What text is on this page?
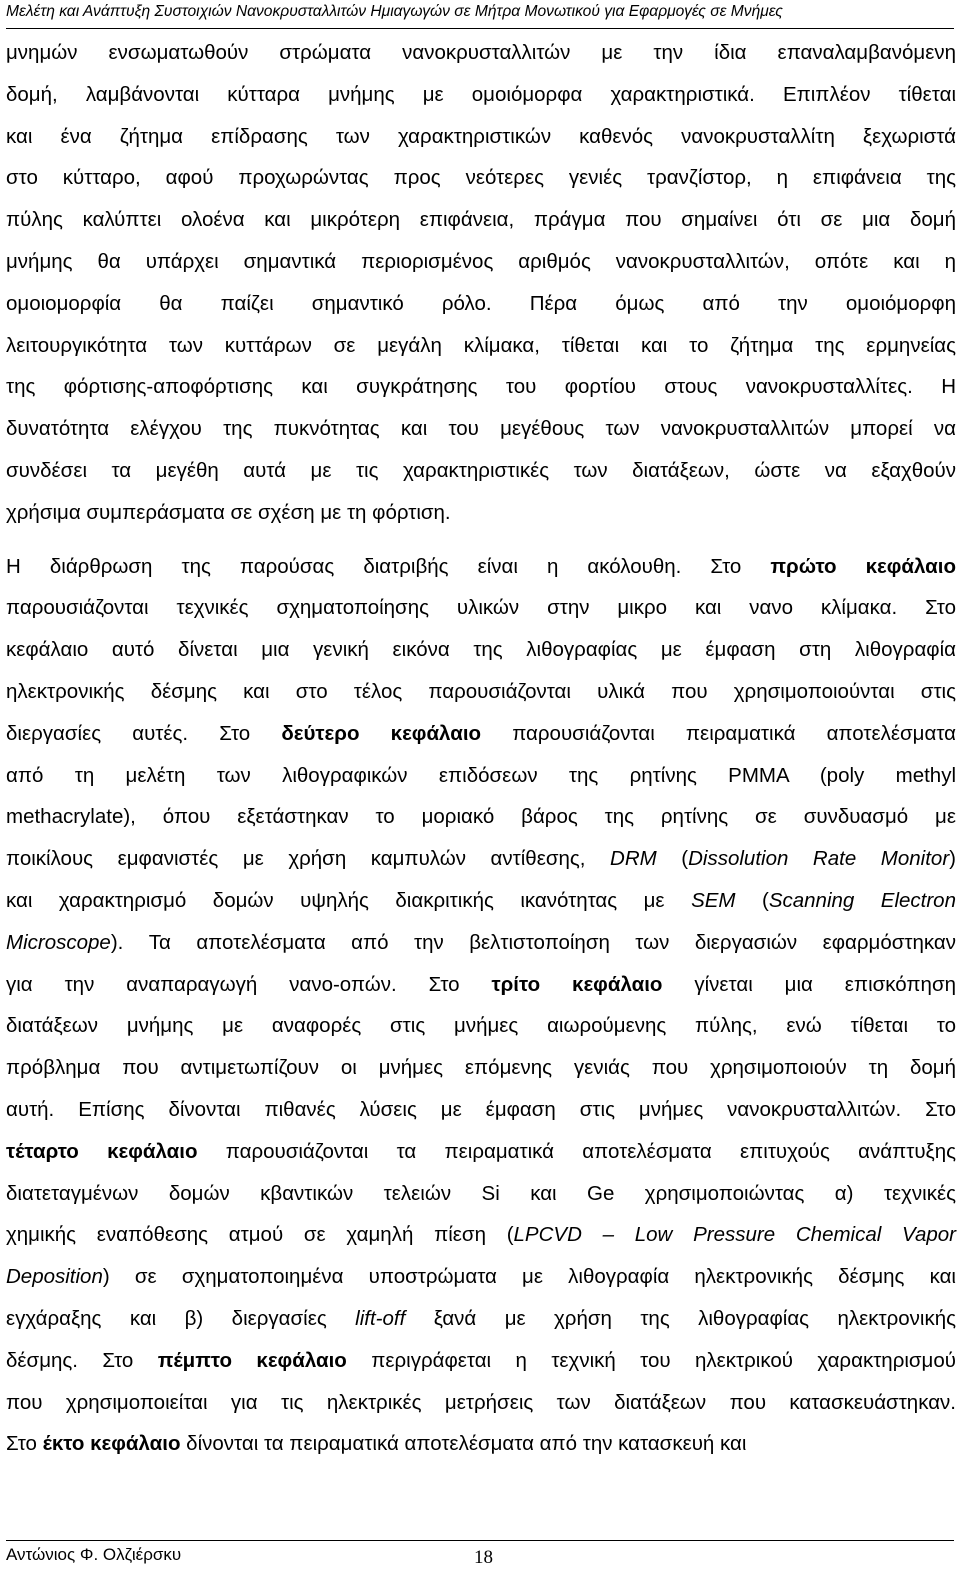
Μελέτη και Ανάπτυξη Συστοιχιών Νανοκρυσταλλιτών Ημιαγωγών σε Μήτρα Μονωτικού για Εφαρμογές σε Μνήμες

μνημών ενσωματωθούν στρώματα νανοκρυσταλλιτών με την ίδια επαναλαμβανόμενη

δομή, λαμβάνονται κύτταρα μνήμης με ομοιόμορφα χαρακτηριστικά. Επιπλέον τίθεται

και ένα ζήτημα επίδρασης των χαρακτηριστικών καθενός νανοκρυσταλλίτη ξεχωριστά

στο κύτταρο, αφού προχωρώντας προς νεότερες γενιές τρανζίστορ, η επιφάνεια της

πύλης καλύπτει ολοένα και μικρότερη επιφάνεια, πράγμα που σημαίνει ότι σε μια δομή

μνήμης θα υπάρχει σημαντικά περιορισμένος αριθμός νανοκρυσταλλιτών, οπότε και η

ομοιομορφία θα παίζει σημαντικό ρόλο. Πέρα όμως από την ομοιόμορφη

λειτουργικότητα των κυττάρων σε μεγάλη κλίμακα, τίθεται και το ζήτημα της ερμηνείας

της φόρτισης-αποφόρτισης και συγκράτησης του φορτίου στους νανοκρυσταλλίτες. Η

δυνατότητα ελέγχου της πυκνότητας και του μεγέθους των νανοκρυσταλλιτών μπορεί να

συνδέσει τα μεγέθη αυτά με τις χαρακτηριστικές των διατάξεων, ώστε να εξαχθούν

χρήσιμα συμπεράσματα σε σχέση με τη φόρτιση.

Η διάρθρωση της παρούσας διατριβής είναι η ακόλουθη. Στο πρώτο κεφάλαιο

παρουσιάζονται τεχνικές σχηματοποίησης υλικών στην μικρο και νανο κλίμακα. Στο

κεφάλαιο αυτό δίνεται μια γενική εικόνα της λιθογραφίας με έμφαση στη λιθογραφία

ηλεκτρονικής δέσμης και στο τέλος παρουσιάζονται υλικά που χρησιμοποιούνται στις

διεργασίες αυτές. Στο δεύτερο κεφάλαιο παρουσιάζονται πειραματικά αποτελέσματα

από τη μελέτη των λιθογραφικών επιδόσεων της ρητίνης PMMA (poly methyl

methacrylate), όπου εξετάστηκαν το μοριακό βάρος της ρητίνης σε συνδυασμό με

ποικίλους εμφανιστές με χρήση καμπυλών αντίθεσης, DRM (Dissolution Rate Monitor)

και χαρακτηρισμό δομών υψηλής διακριτικής ικανότητας με SEM (Scanning Electron

Microscope). Τα αποτελέσματα από την βελτιστοποίηση των διεργασιών εφαρμόστηκαν

για την αναπαραγωγή νανο-οπών. Στο τρίτο κεφάλαιο γίνεται μια επισκόπηση

διατάξεων μνήμης με αναφορές στις μνήμες αιωρούμενης πύλης, ενώ τίθεται το

πρόβλημα που αντιμετωπίζουν οι μνήμες επόμενης γενιάς που χρησιμοποιούν τη δομή

αυτή. Επίσης δίνονται πιθανές λύσεις με έμφαση στις μνήμες νανοκρυσταλλιτών. Στο

τέταρτο κεφάλαιο παρουσιάζονται τα πειραματικά αποτελέσματα επιτυχούς ανάπτυξης

διατεταγμένων δομών κβαντικών τελειών Si και Ge χρησιμοποιώντας α) τεχνικές

χημικής εναπόθεσης ατμού σε χαμηλή πίεση (LPCVD – Low Pressure Chemical Vapor

Deposition) σε σχηματοποιημένα υποστρώματα με λιθογραφία ηλεκτρονικής δέσμης και

εγχάραξης και β) διεργασίες lift-off ξανά με χρήση της λιθογραφίας ηλεκτρονικής

δέσμης. Στο πέμπτο κεφάλαιο περιγράφεται η τεχνική του ηλεκτρικού χαρακτηρισμού

που χρησιμοποιείται για τις ηλεκτρικές μετρήσεις των διατάξεων που κατασκευάστηκαν.

Στο έκτο κεφάλαιο δίνονται τα πειραματικά αποτελέσματα από την κατασκευή και

Αντώνιος Φ. Ολζιέρσκυ	18
